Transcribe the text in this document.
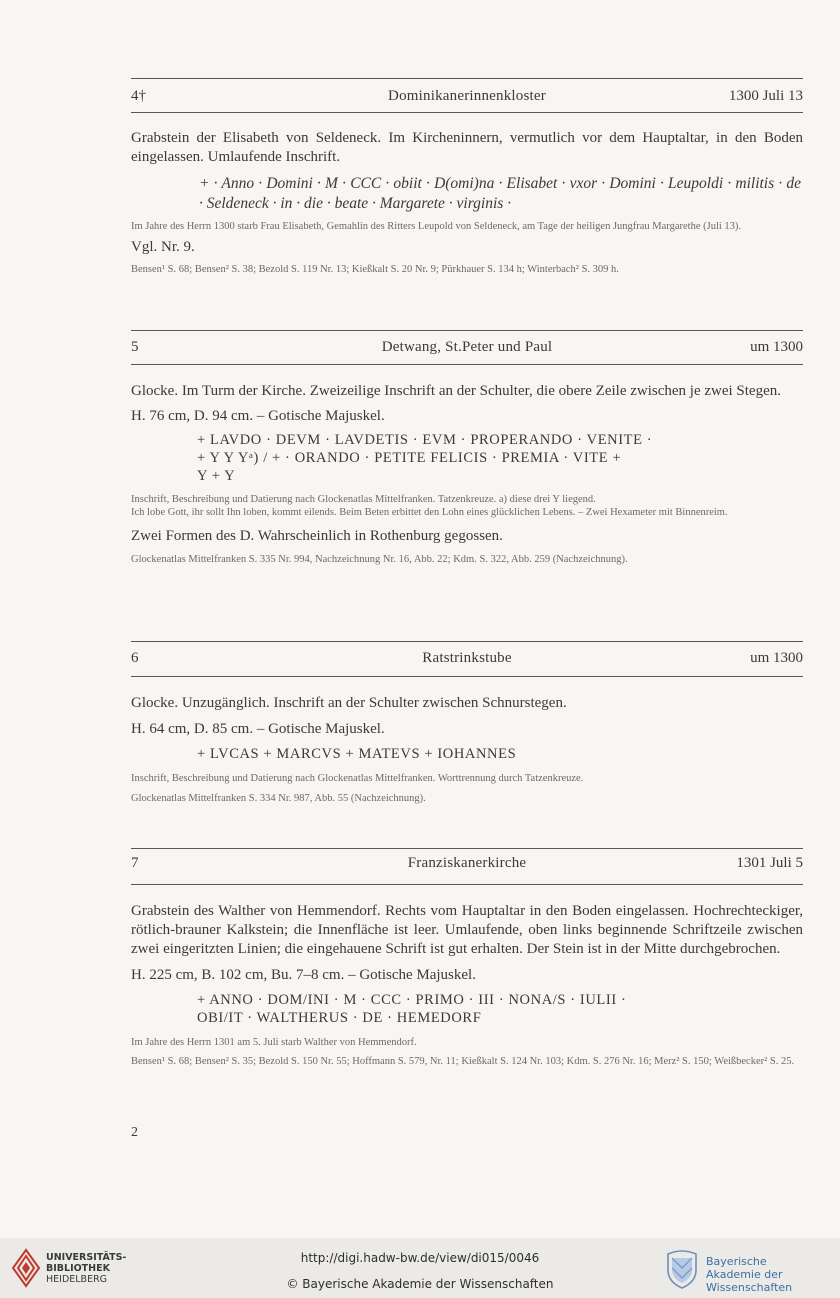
4†	Dominikanerinnenkloster	1300 Juli 13
Grabstein der Elisabeth von Seldeneck. Im Kircheninnern, vermutlich vor dem Hauptaltar, in den Boden eingelassen. Umlaufende Inschrift.
+ · Anno · Domini · M · CCC · obiit · D(omi)na · Elisabet · vxor · Domini · Leupoldi · militis · de · Seldeneck · in · die · beate · Margarete · virginis ·
Im Jahre des Herrn 1300 starb Frau Elisabeth, Gemahlin des Ritters Leupold von Seldeneck, am Tage der heiligen Jungfrau Margarethe (Juli 13).
Vgl. Nr. 9.
Bensen¹ S. 68; Bensen² S. 38; Bezold S. 119 Nr. 13; Kießkalt S. 20 Nr. 9; Pürkhauer S. 134 h; Winterbach² S. 309 h.
5	Detwang, St.Peter und Paul	um 1300
Glocke. Im Turm der Kirche. Zweizeilige Inschrift an der Schulter, die obere Zeile zwischen je zwei Stegen.
H. 76 cm, D. 94 cm. – Gotische Majuskel.
+ LAVDO · DEVM · LAVDETIS · EVM · PROPERANDO · VENITE ·
+ Y Y Yᵃ) / + · ORANDO · PETITE FELICIS · PREMIA · VITE +
Y + Y
Inschrift, Beschreibung und Datierung nach Glockenatlas Mittelfranken. Tatzenkreuze. a) diese drei Y liegend.
Ich lobe Gott, ihr sollt Ihn loben, kommt eilends. Beim Beten erbittet den Lohn eines glücklichen Lebens. – Zwei Hexameter mit Binnenreim.
Zwei Formen des D. Wahrscheinlich in Rothenburg gegossen.
Glockenatlas Mittelfranken S. 335 Nr. 994, Nachzeichnung Nr. 16, Abb. 22; Kdm. S. 322, Abb. 259 (Nachzeichnung).
6	Ratstrinkstube	um 1300
Glocke. Unzugänglich. Inschrift an der Schulter zwischen Schnurstegen.
H. 64 cm, D. 85 cm. – Gotische Majuskel.
+ LVCAS + MARCVS + MATEVS + IOHANNES
Inschrift, Beschreibung und Datierung nach Glockenatlas Mittelfranken. Worttrennung durch Tatzenkreuze.
Glockenatlas Mittelfranken S. 334 Nr. 987, Abb. 55 (Nachzeichnung).
7	Franziskanerkirche	1301 Juli 5
Grabstein des Walther von Hemmendorf. Rechts vom Hauptaltar in den Boden eingelassen. Hochrechteckiger, rötlich-brauner Kalkstein; die Innenfläche ist leer. Umlaufende, oben links beginnende Schriftzeile zwischen zwei eingeritzten Linien; die eingehauene Schrift ist gut erhalten. Der Stein ist in der Mitte durchgebrochen.
H. 225 cm, B. 102 cm, Bu. 7–8 cm. – Gotische Majuskel.
+ ANNO · DOM/INI · M · CCC · PRIMO · III · NONA/S · IULII ·
OBI/IT · WALTHERUS · DE · HEMEDORF
Im Jahre des Herrn 1301 am 5. Juli starb Walther von Hemmendorf.
Bensen¹ S. 68; Bensen² S. 35; Bezold S. 150 Nr. 55; Hoffmann S. 579, Nr. 11; Kießkalt S. 124 Nr. 103; Kdm. S. 276 Nr. 16; Merz² S. 150; Weißbecker² S. 25.
2
UNIVERSITÄTS-
BIBLIOTHEK
HEIDELBERG
http://digi.hadw-bw.de/view/di015/0046
© Bayerische Akademie der Wissenschaften
Bayerische
Akademie der Wissenschaften
